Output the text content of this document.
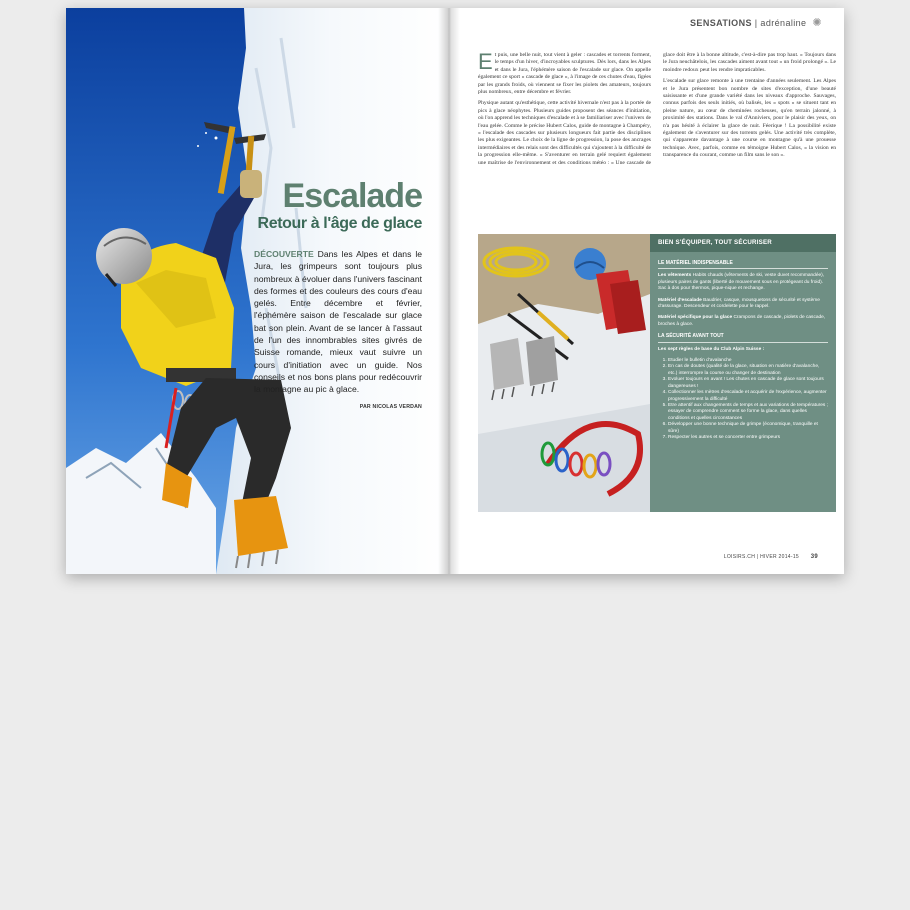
Escalade
Retour à l'âge de glace

DÉCOUVERTE Dans les Alpes et dans le Jura, les grimpeurs sont toujours plus nombreux à évoluer dans l'univers fascinant des formes et des couleurs des cours d'eau gelés. Entre décembre et février, l'éphémère saison de l'escalade sur glace bat son plein. Avant de se lancer à l'assaut de l'un des innombrables sites givrés de Suisse romande, mieux vaut suivre un cours d'initiation avec un guide. Nos conseils et nos bons plans pour redécouvrir la montagne au pic à glace.

PAR NICOLAS VERDAN
SENSATIONS | adrénaline ✺

Et puis, une belle nuit, tout vient à geler : cascades et torrents forment, le temps d'un hiver, d'incroyables sculptures. Dès lors, dans les Alpes et dans le Jura, l'éphémère saison de l'escalade sur glace. On appelle également ce sport « cascade de glace », à l'image de ces chutes d'eau, figées par les grands froids, où viennent se fixer les piolets des amateurs, toujours plus nombreux, entre décembre et février.

Physique autant qu'esthétique, cette activité hivernale n'est pas à la portée de pics à glace néophytes. Plusieurs guides proposent des séances d'initiation, où l'on apprend les techniques d'escalade et à se familiariser avec l'univers de l'eau gelée. Comme le précise Hubert Calos, guide de montagne à Champéry, « l'escalade des cascades sur plusieurs longueurs fait partie des disciplines les plus exigeantes. Le choix de la ligne de progression, la pose des ancrages intermédiaires et des relais sont des difficultés qui s'ajoutent à la difficulté de la progression elle-même. » S'aventurer en terrain gelé requiert également une maîtrise de l'environnement et des conditions météo : « Une cascade de glace doit être à la bonne altitude, c'est-à-dire pas trop haut. » Toujours dans le Jura neuchâtelois, les cascades aiment avant tout « un froid prolongé ». Le moindre redoux peut les rendre impraticables.

L'escalade sur glace remonte à une trentaine d'années seulement. Les Alpes et le Jura présentent bon nombre de sites d'exception, d'une beauté saisissante et d'une grande variété dans les niveaux d'approche. Sauvages, connus parfois des seuls initiés, où balisés, les « spots » se situent tant en pleine nature, au cœur de cheminées rocheuses, qu'en terrain jalonné, à proximité des stations. Dans le val d'Anniviers, pour le plaisir des yeux, on n'a pas hésité à éclairer la glace de nuit. Féerique ! La possibilité existe également de s'aventurer sur des torrents gelés. Une activité très complète, qui s'apparente davantage à une course en montagne qu'à une prouesse technique. Avec, parfois, comme en témoigne Hubert Calos, « la vision en transparence du courant, comme un film sans le son ».

BIEN S'ÉQUIPER, TOUT SÉCURISER
LE MATÉRIEL INDISPENSABLE

Les vêtements Habits chauds (vêtements de ski, veste duvet recommandée), plusieurs paires de gants (liberté de mouvement sous en protégeant du froid). Sac à dos pour thermos, pique-nique et rechange.

Matériel d'escalade Baudrier, casque, mousquetons de sécurité et système d'assurage. Descendeur et cordelette pour le rappel.

Matériel spécifique pour la glace Crampons de cascade, piolets de cascade, broches à glace.

LA SÉCURITÉ AVANT TOUT

Les sept règles de base du Club Alpin Suisse :

1. Etudier le bulletin d'avalanche
2. En cas de doutes (qualité de la glace, situation en matière d'avalanche, etc.) interrompre la course ou changer de destination
3. Evoluer toujours en avant ! Les chutes en cascade de glace sont toujours dangereuses !
4. Collectionner les mètres d'escalade et acquérir de l'expérience, augmenter progressivement la difficulté
5. Etre attentif aux changements de temps et aux variations de températures ; essayer de comprendre comment se forme la glace, dans quelles conditions et quelles circonstances
6. Développer une bonne technique de grimpe (économique, tranquille et sûre)
7. Respecter les autres et se concerter entre grimpeurs
LOISIRS.CH | HIVER 2014-15 39
